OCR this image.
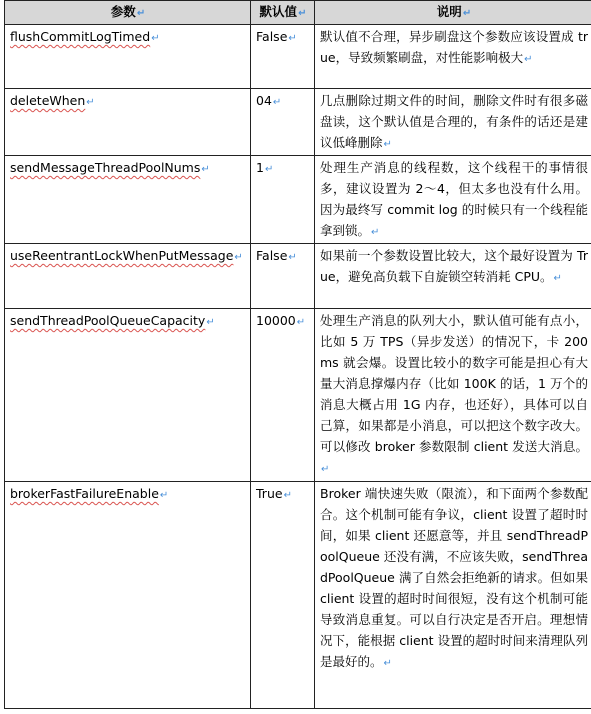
参数↵	默认值↵	说明↵
flushCommitLogTimed↵	False↵	默认值不合理，异步刷盘这个参数应该设置成 true，导致频繁刷盘，对性能影响极大↵
deleteWhen↵	04↵	几点删除过期文件的时间，删除文件时有很多磁盘读，这个默认值是合理的，有条件的话还是建议低峰删除↵
sendMessageThreadPoolNums↵	1↵	处理生产消息的线程数，这个线程干的事情很多，建议设置为 2～4，但太多也没有什么用。因为最终写 commit log 的时候只有一个线程能拿到锁。↵
useReentrantLockWhenPutMessage↵	False↵	如果前一个参数设置比较大，这个最好设置为 True，避免高负载下自旋锁空转消耗 CPU。↵
sendThreadPoolQueueCapacity↵	10000↵	处理生产消息的队列大小，默认值可能有点小，比如 5 万 TPS（异步发送）的情况下，卡 200ms 就会爆。设置比较小的数字可能是担心有大量大消息撑爆内存（比如 100K 的话，1 万个的消息大概占用 1G 内存，也还好），具体可以自己算，如果都是小消息，可以把这个数字改大。可以修改 broker 参数限制 client 发送大消息。↵
brokerFastFailureEnable↵	True↵	Broker 端快速失败（限流），和下面两个参数配合。这个机制可能有争议，client 设置了超时时间，如果 client 还愿意等，并且 sendThreadPoolQueue 还没有满，不应该失败，sendThreadPoolQueue 满了自然会拒绝新的请求。但如果 client 设置的超时时间很短，没有这个机制可能导致消息重复。可以自行决定是否开启。理想情况下，能根据 client 设置的超时时间来清理队列是最好的。↵
